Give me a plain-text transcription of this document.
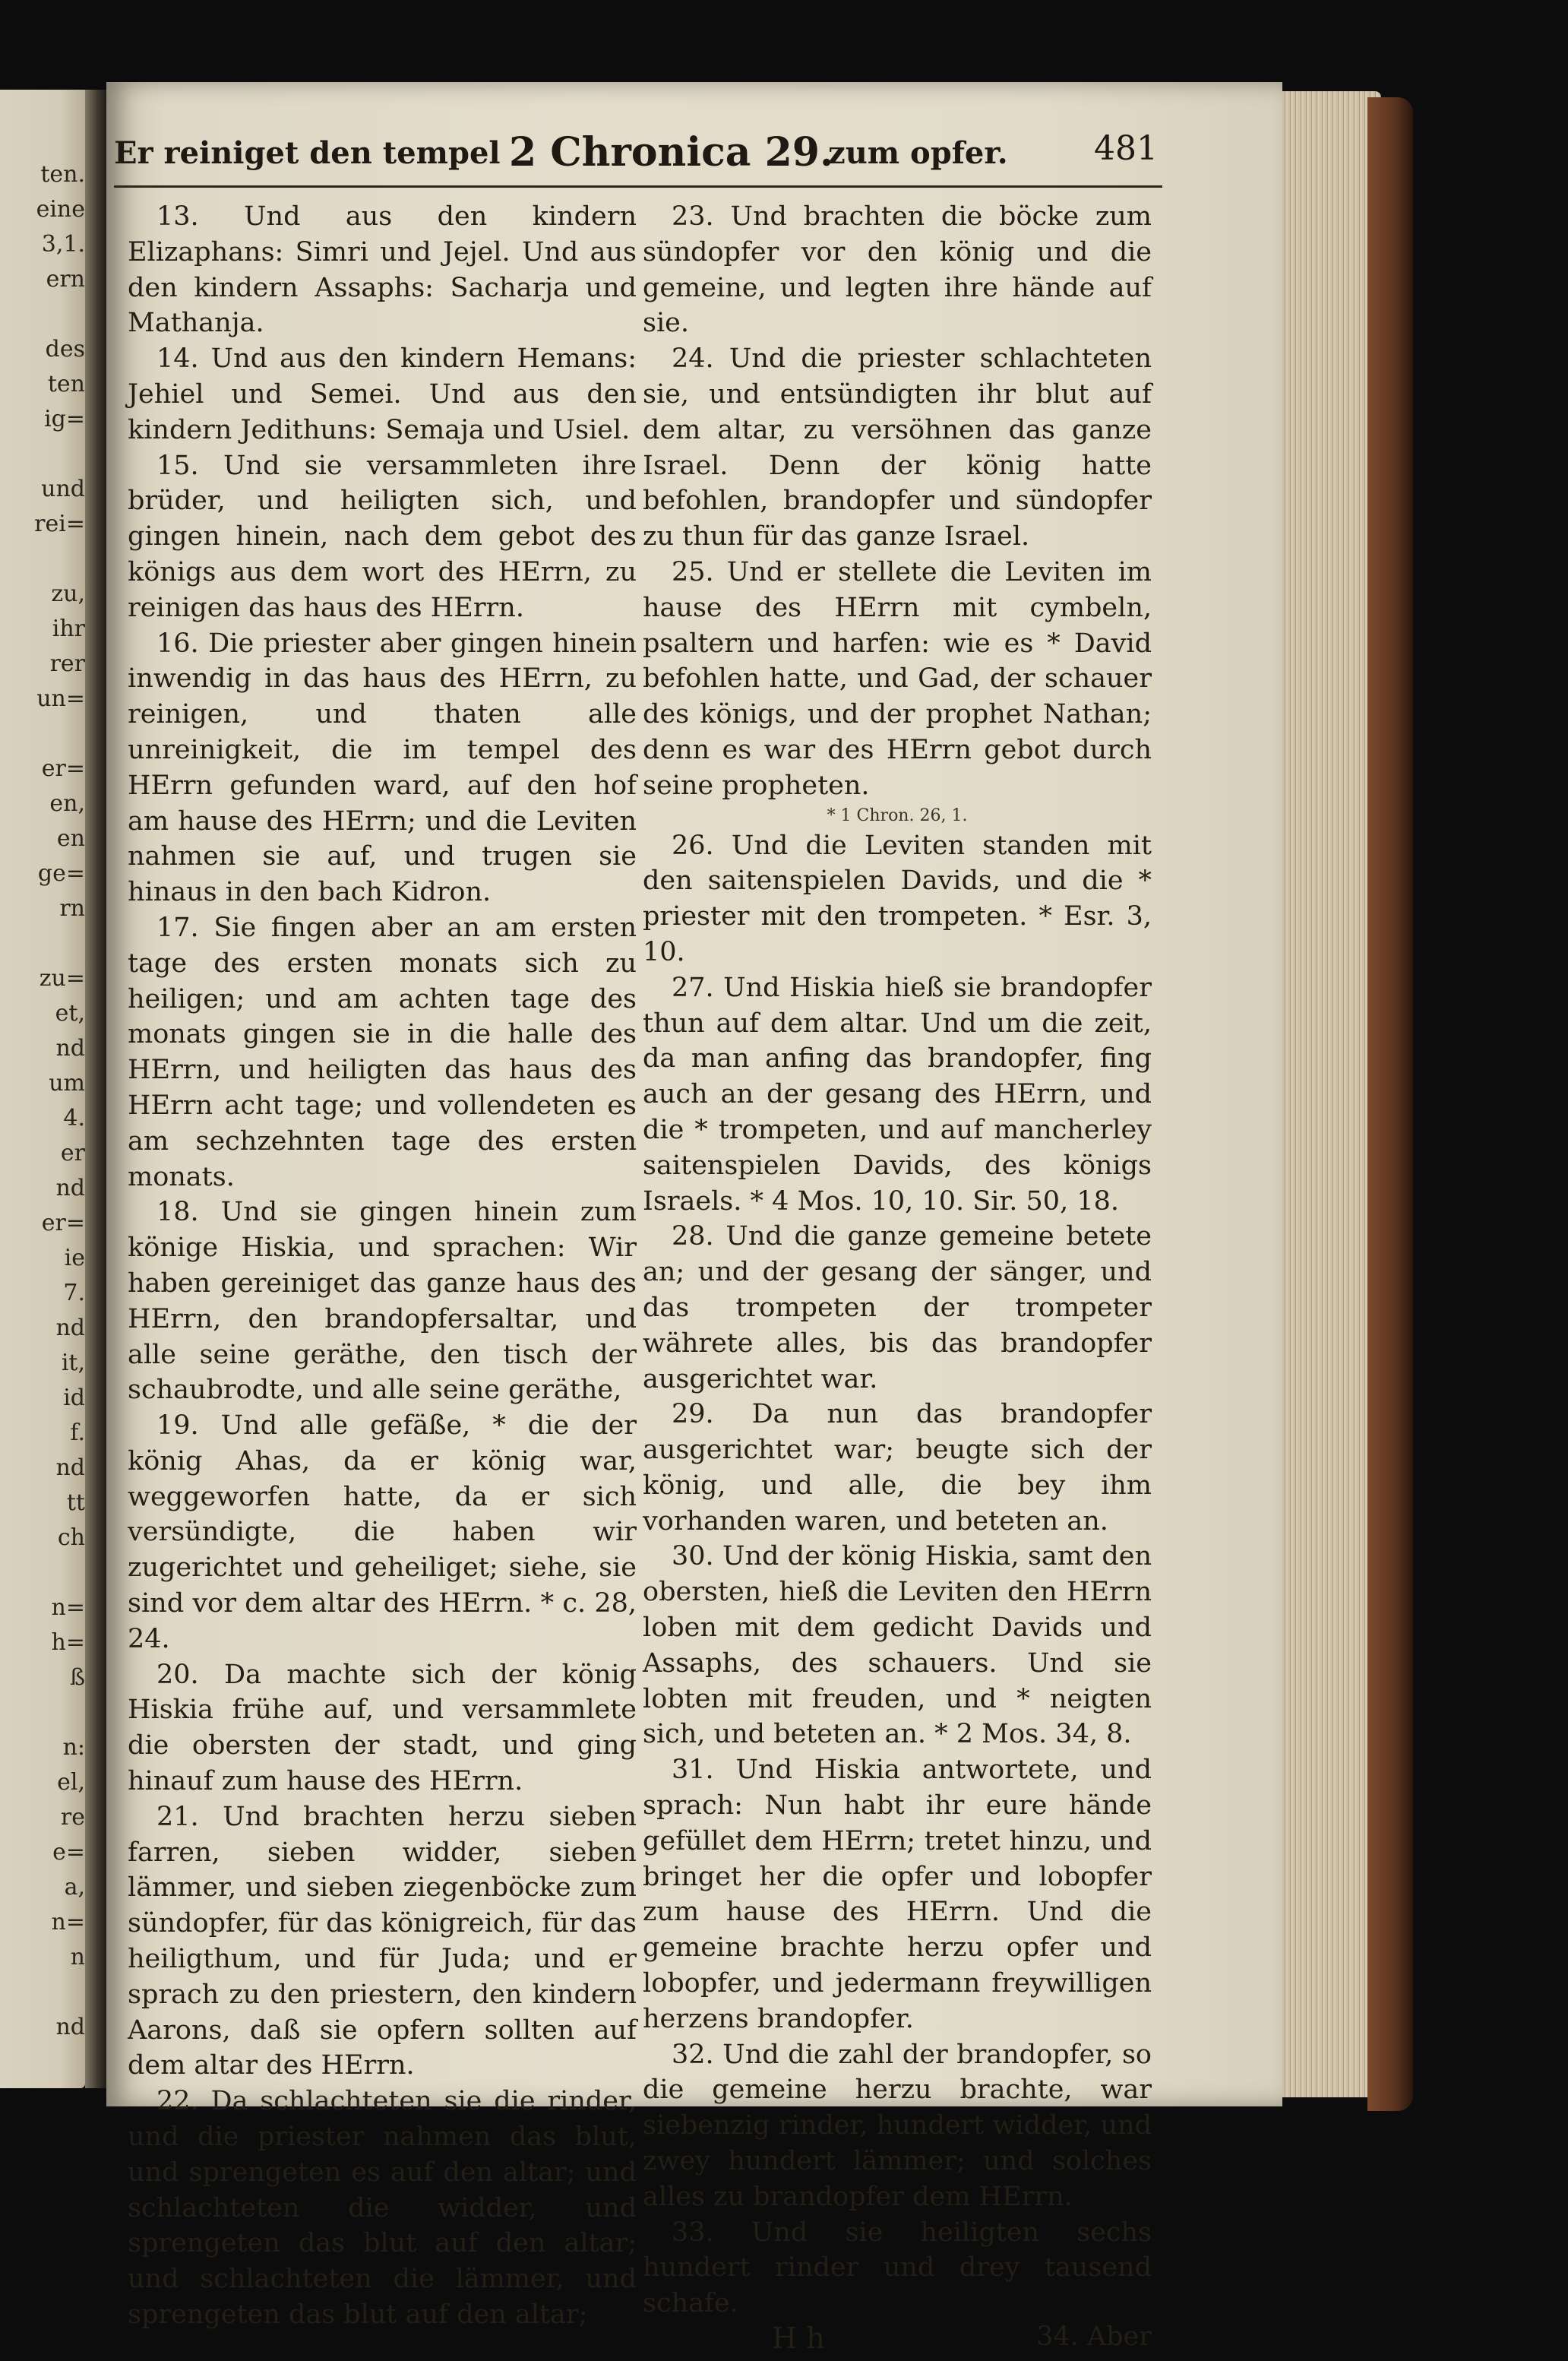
ten.
eine
3,1.
ern
des
ten
ig=
und
rei=
zu,
ihr
rer
un=
er=
en,
en
ge=
rn
zu=
et,
nd
um
4.
er
nd
er=
ie
7.
nd
it,
id
f.
nd
tt
ch
n=
h=
ß
n:
el,
re
e=
a,
n=
n
nd
Er reiniget den tempel 2 Chronica 29.
zum opfer.	481

13. Und aus den kindern Elizaphans: Simri und Jejel. Und aus den kindern Assaphs: Sacharja und Mathanja.

14. Und aus den kindern Hemans: Jehiel und Semei. Und aus den kindern Jedithuns: Semaja und Usiel.

15. Und sie versammleten ihre brüder, und heiligten sich, und gingen hinein, nach dem gebot des königs aus dem wort des HErrn, zu reinigen das haus des HErrn.

16. Die priester aber gingen hinein inwendig in das haus des HErrn, zu reinigen, und thaten alle unreinigkeit, die im tempel des HErrn gefunden ward, auf den hof am hause des HErrn; und die Leviten nahmen sie auf, und trugen sie hinaus in den bach Kidron.

17. Sie fingen aber an am ersten tage des ersten monats sich zu heiligen; und am achten tage des monats gingen sie in die halle des HErrn, und heiligten das haus des HErrn acht tage; und vollendeten es am sechzehnten tage des ersten monats.

18. Und sie gingen hinein zum könige Hiskia, und sprachen: Wir haben gereiniget das ganze haus des HErrn, den brandopfersaltar, und alle seine geräthe, den tisch der schaubrodte, und alle seine geräthe,

19. Und alle gefäße, * die der könig Ahas, da er könig war, weggeworfen hatte, da er sich versündigte, die haben wir zugerichtet und geheiliget; siehe, sie sind vor dem altar des HErrn. * c. 28, 24.

20. Da machte sich der könig Hiskia frühe auf, und versammlete die obersten der stadt, und ging hinauf zum hause des HErrn.

21. Und brachten herzu sieben farren, sieben widder, sieben lämmer, und sieben ziegenböcke zum sündopfer, für das königreich, für das heiligthum, und für Juda; und er sprach zu den priestern, den kindern Aarons, daß sie opfern sollten auf dem altar des HErrn.

22. Da schlachteten sie die rinder, und die priester nahmen das blut, und sprengeten es auf den altar; und schlachteten die widder, und sprengeten das blut auf den altar; und schlachteten die lämmer, und sprengeten das blut auf den altar;

23. Und brachten die böcke zum sündopfer vor den könig und die gemeine, und legten ihre hände auf sie.

24. Und die priester schlachteten sie, und entsündigten ihr blut auf dem altar, zu versöhnen das ganze Israel. Denn der könig hatte befohlen, brandopfer und sündopfer zu thun für das ganze Israel.

25. Und er stellete die Leviten im hause des HErrn mit cymbeln, psaltern und harfen: wie es * David befohlen hatte, und Gad, der schauer des königs, und der prophet Nathan; denn es war des HErrn gebot durch seine propheten.

* 1 Chron. 26, 1.

26. Und die Leviten standen mit den saitenspielen Davids, und die * priester mit den trompeten. * Esr. 3, 10.

27. Und Hiskia hieß sie brandopfer thun auf dem altar. Und um die zeit, da man anfing das brandopfer, fing auch an der gesang des HErrn, und die * trompeten, und auf mancherley saitenspielen Davids, des königs Israels. * 4 Mos. 10, 10. Sir. 50, 18.

28. Und die ganze gemeine betete an; und der gesang der sänger, und das trompeten der trompeter währete alles, bis das brandopfer ausgerichtet war.

29. Da nun das brandopfer ausgerichtet war; beugte sich der könig, und alle, die bey ihm vorhanden waren, und beteten an.

30. Und der könig Hiskia, samt den obersten, hieß die Leviten den HErrn loben mit dem gedicht Davids und Assaphs, des schauers. Und sie lobten mit freuden, und * neigten sich, und beteten an. * 2 Mos. 34, 8.

31. Und Hiskia antwortete, und sprach: Nun habt ihr eure hände gefüllet dem HErrn; tretet hinzu, und bringet her die opfer und lobopfer zum hause des HErrn. Und die gemeine brachte herzu opfer und lobopfer, und jedermann freywilligen herzens brandopfer.

32. Und die zahl der brandopfer, so die gemeine herzu brachte, war siebenzig rinder, hundert widder, und zwey hundert lämmer; und solches alles zu brandopfer dem HErrn.

33. Und sie heiligten sechs hundert rinder und drey tausend schafe.

H h	34. Aber
